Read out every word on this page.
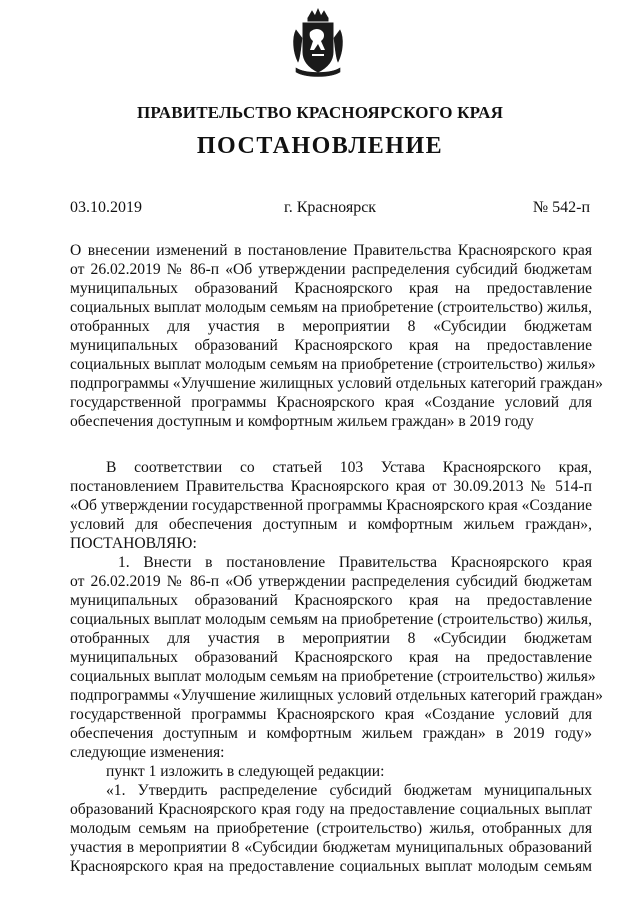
ПРАВИТЕЛЬСТВО КРАСНОЯРСКОГО КРАЯ
ПОСТАНОВЛЕНИЕ
03.10.2019	г. Красноярск	№ 542-п
О внесении изменений в постановление Правительства Красноярского края
от 26.02.2019 № 86-п «Об утверждении распределения субсидий бюджетам
муниципальных образований Красноярского края на предоставление
социальных выплат молодым семьям на приобретение (строительство) жилья,
отобранных для участия в мероприятии 8 «Субсидии бюджетам
муниципальных образований Красноярского края на предоставление
социальных выплат молодым семьям на приобретение (строительство) жилья»
подпрограммы «Улучшение жилищных условий отдельных категорий граждан»
государственной программы Красноярского края «Создание условий для
обеспечения доступным и комфортным жильем граждан» в 2019 году
В соответствии со статьей 103 Устава Красноярского края,
постановлением Правительства Красноярского края от 30.09.2013 № 514-п
«Об утверждении государственной программы Красноярского края «Создание
условий для обеспечения доступным и комфортным жильем граждан»,
ПОСТАНОВЛЯЮ:
1. Внести в постановление Правительства Красноярского края
от 26.02.2019 № 86-п «Об утверждении распределения субсидий бюджетам
муниципальных образований Красноярского края на предоставление
социальных выплат молодым семьям на приобретение (строительство) жилья,
отобранных для участия в мероприятии 8 «Субсидии бюджетам
муниципальных образований Красноярского края на предоставление
социальных выплат молодым семьям на приобретение (строительство) жилья»
подпрограммы «Улучшение жилищных условий отдельных категорий граждан»
государственной программы Красноярского края «Создание условий для
обеспечения доступным и комфортным жильем граждан» в 2019 году»
следующие изменения:
пункт 1 изложить в следующей редакции:
«1. Утвердить распределение субсидий бюджетам муниципальных
образований Красноярского края году на предоставление социальных выплат
молодым семьям на приобретение (строительство) жилья, отобранных для
участия в мероприятии 8 «Субсидии бюджетам муниципальных образований
Красноярского края на предоставление социальных выплат молодым семьям
